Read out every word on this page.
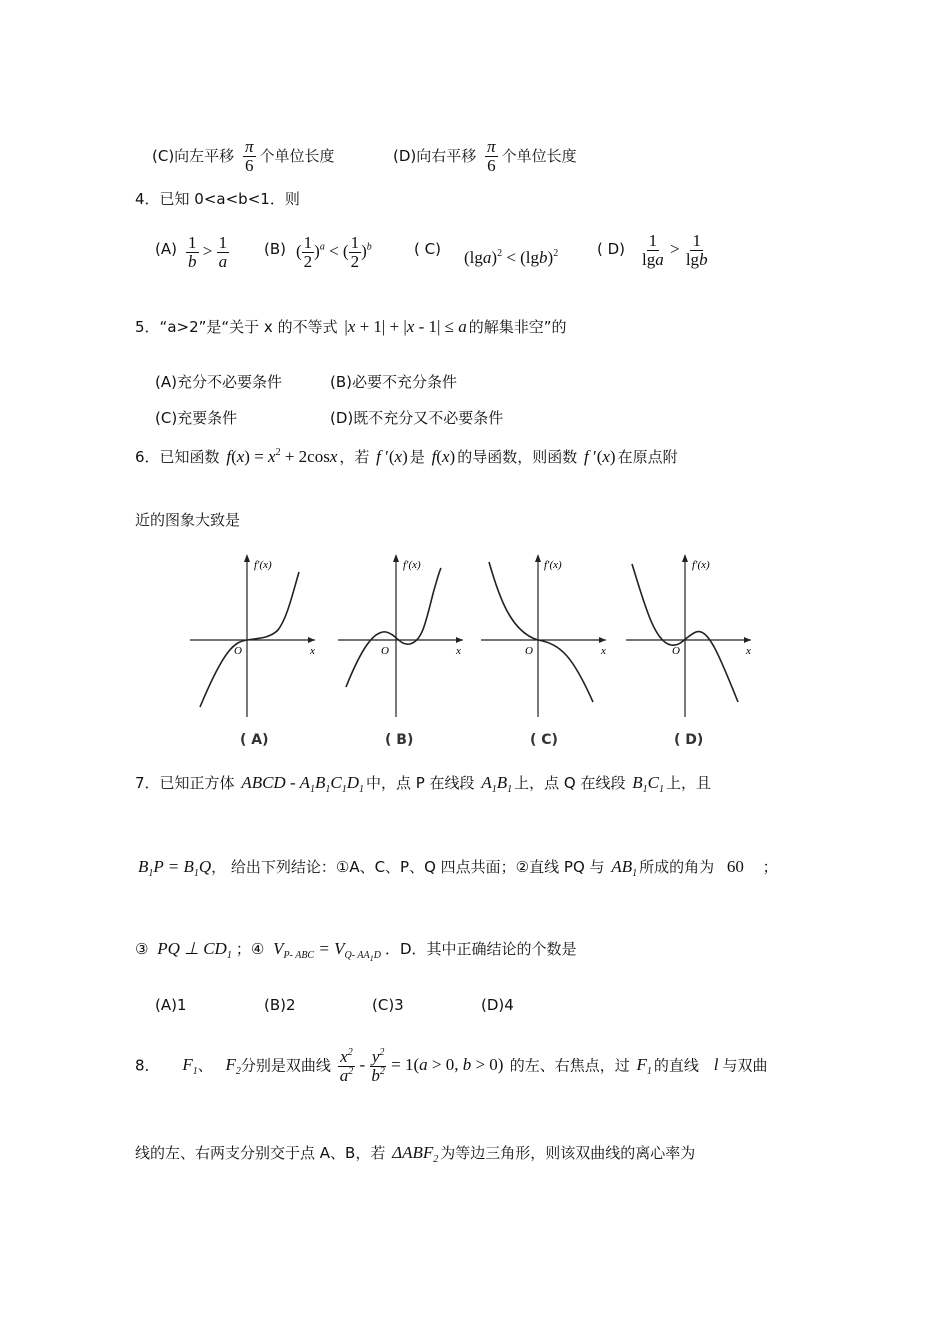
(C)向左平移 $\frac{\pi}{6}$ 个单位长度	(D)向右平移 $\frac{\pi}{6}$ 个单位长度
4．已知 0<a<b<1．则
$(A) \frac{1}{b} > \frac{1}{a} (B)$ ( $\frac{1}{2} )^a$ < ( $\frac{1}{2} )^b$	( C) $(\lg a)^2 < (\lg b)^2$	( $D) \frac{1}{\lg a} > \frac{1}{\lg b}$
5．“a>2”是“关于 x 的不等式 |x + 1| + |x - 1| ≤ a 的解集非空”的
(A)充分不必要条件	(B)必要不充分条件
(C)充要条件	(D)既不充分又不必要条件
6．已知函数 $f(x) = x^2 + 2\cos x$ ，若 f ′(x) 是 f(x) 的导函数，则函数 f ′(x) 在原点附
近的图象大致是
f′(x)
x
O
f′(x)
x
O
f′(x)
x
O
f′(x)
x
O
( A)	( B)	( C)	( D)
7．已知正方体 ABCD - $A_1B_1C_1D_1$ 中，点 P 在线段 $A_1B_1$ 上，点 Q 在线段 $B_1C_1$ 上，且
$B_1P = B_1Q$， 给出下列结论：①A、C、P、Q 四点共面；②直线 PQ 与 $AB_1$ 所成的角为 60 ；
③ PQ ⊥ $CD_1$ ；④ $V_{P- ABC} = V_{Q- AA_1D}$ ．D．其中正确结论的个数是
(A)1	(B)2	(C)3	(D)4
8． $F_1$、 $F_2$分别是双曲线 $\frac{x^2}{a^2} - \frac{y^2}{b^2} = 1(a > 0$, b > 0) 的左、右焦点，过 $F_1$ 的直线 l 与双曲
线的左、右两支分别交于点 A、B，若 $\Delta ABF_2$ 为等边三角形，则该双曲线的离心率为
